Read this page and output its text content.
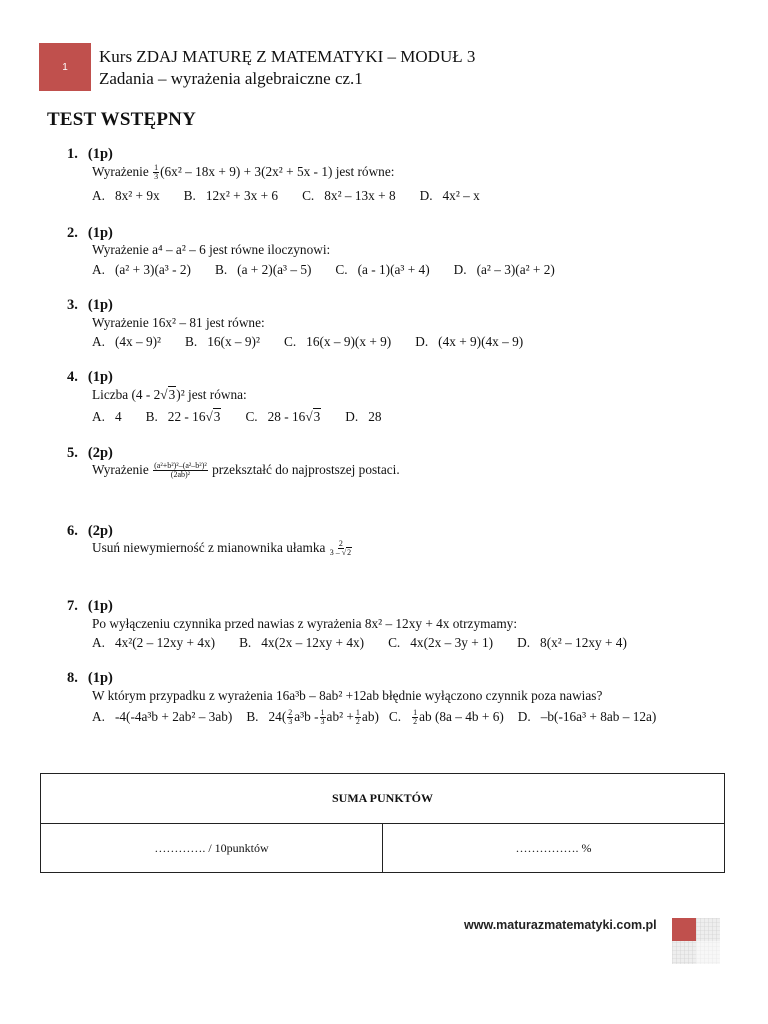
1
Kurs ZDAJ MATURĘ Z MATEMATYKI – MODUŁ 3
Zadania – wyrażenia algebraiczne cz.1
TEST WSTĘPNY
1. (1p)
Wyrażenie $\frac{1}{3} (6x^2 - 18x + 9) + 3(2x^2 + 5x - 1)$ jest równe:
A. 8x² + 9x B. 12x² + 3x + 6 C. 8x² – 13x + 8 D. 4x² – x
2. (1p)
Wyrażenie a⁴ – a² – 6 jest równe iloczynowi:
A. (a² + 3)(a³ - 2) B. (a + 2)(a³ – 5) C. (a - 1)(a³ + 4) D. (a² – 3)(a² + 2)
3. (1p)
Wyrażenie 16x² – 81 jest równe:
A. (4x – 9)² B. 16(x – 9)² C. 16(x – 9)(x + 9) D. (4x + 9)(4x – 9)
4. (1p)
Liczba (4 - 2√3)² jest równa:
A. 4 B. 22 - 16 √3 C. 28 - 16 √3 D. 28
5. (2p)
Wyrażenie $\frac{\text{(a²+b²)²–(a²–b²)²}}{\text{(2ab)²}}$ przekształć do najprostszej postaci.
6. (2p)
Usuń niewymierność z mianownika ułamka $\frac{2}{3 - √2}$
7. (1p)
Po wyłączeniu czynnika przed nawias z wyrażenia 8x² – 12xy + 4x otrzymamy:
A. 4x²(2 – 12xy + 4x) B. 4x(2x – 12xy + 4x) C. 4x(2x – 3y + 1) D. 8(x² – 12xy + 4)
8. (1p)
W którym przypadku z wyrażenia 16a³b – 8ab² +12ab błędnie wyłączono czynnik poza nawias?
A. -4(-4a³b + 2ab² – 3ab) B. $24( \frac{2}{3} a^3b - \frac{1}{3} ab^2 + \frac{1}{2} ab)$ C. $\frac{1}{2}$ ab (8a – 4b + 6) D. –b(-16a³ + 8ab – 12a)
SUMA PUNKTÓW
…………. / 10punktów	……………. %
www.maturazmatematyki.com.pl
